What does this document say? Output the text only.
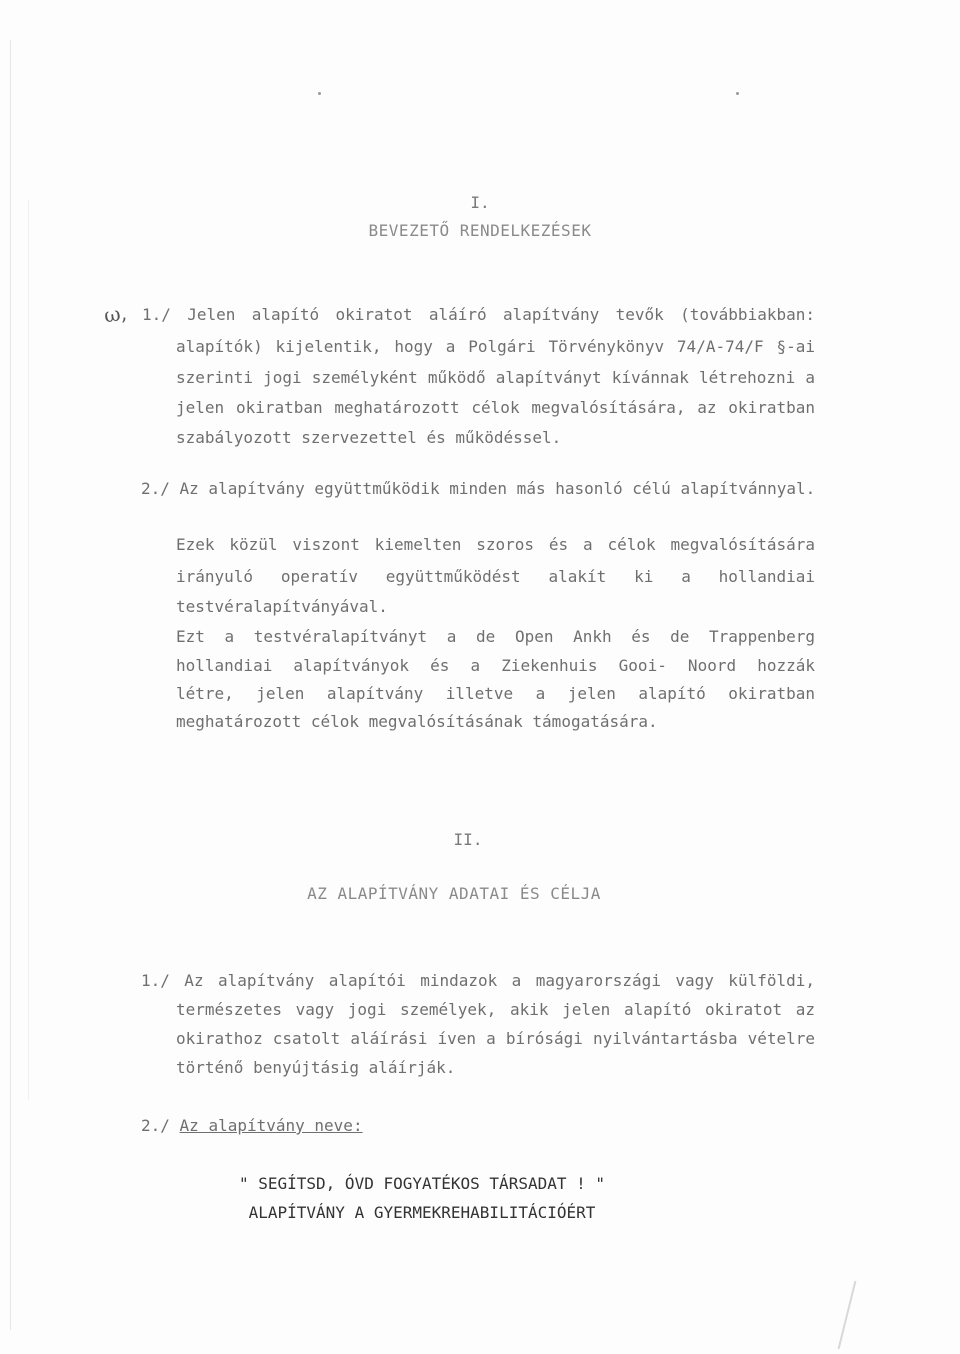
I.
BEVEZETŐ RENDELKEZÉSEK
ω, 1./ Jelen alapító okiratot aláíró alapítvány tevők (továbbiakban:
alapítók) kijelentik, hogy a Polgári Törvénykönyv 74/A-74/F §-ai
szerinti jogi személyként működő alapítványt kívánnak létrehozni a
jelen okiratban meghatározott célok megvalósítására, az okiratban
szabályozott szervezettel és működéssel.
2./ Az alapítvány együttműködik minden más hasonló célú alapítvánnyal.
Ezek közül viszont kiemelten szoros és a célok megvalósítására
irányuló operatív együttműködést alakít ki a hollandiai
testvéralapítványával.
Ezt a testvéralapítványt a de Open Ankh és de Trappenberg
hollandiai alapítványok és a Ziekenhuis Gooi- Noord hozzák
létre, jelen alapítvány illetve a jelen alapító okiratban
meghatározott célok megvalósításának támogatására.
II.
AZ ALAPÍTVÁNY ADATAI ÉS CÉLJA
1./ Az alapítvány alapítói mindazok a magyarországi vagy külföldi,
természetes vagy jogi személyek, akik jelen alapító okiratot az
okirathoz csatolt aláírási íven a bírósági nyilvántartásba vételre
történő benyújtásig aláírják.
2./ Az alapítvány neve:
" SEGÍTSD, ÓVD FOGYATÉKOS TÁRSADAT ! "
ALAPÍTVÁNY A GYERMEKREHABILITÁCIÓÉRT
